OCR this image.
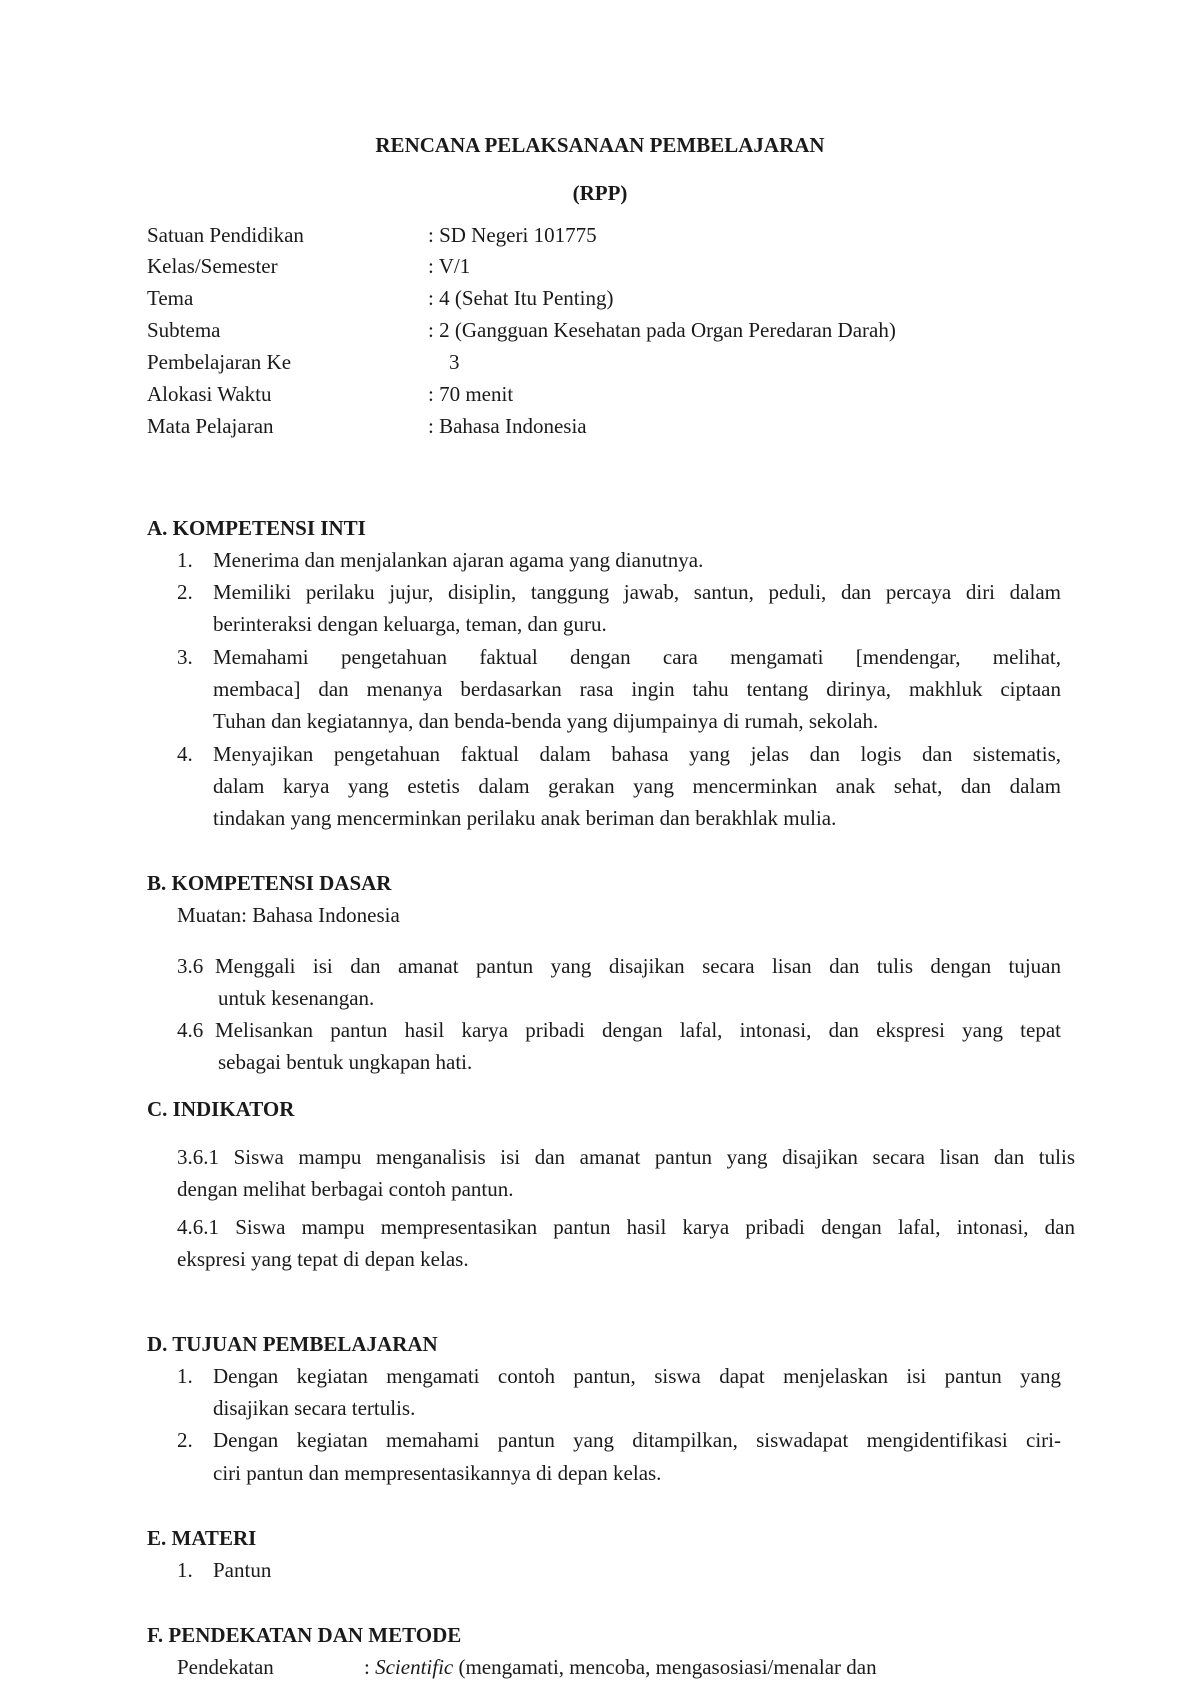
RENCANA PELAKSANAAN PEMBELAJARAN
(RPP)
Satuan Pendidikan	: SD Negeri 101775
Kelas/Semester	: V/1
Tema	: 4 (Sehat Itu Penting)
Subtema	: 2 (Gangguan Kesehatan pada Organ Peredaran Darah)
Pembelajaran Ke	3
Alokasi Waktu	: 70 menit
Mata Pelajaran	: Bahasa Indonesia
A. KOMPETENSI INTI
1. Menerima dan menjalankan ajaran agama yang dianutnya.
2. Memiliki perilaku jujur, disiplin, tanggung jawab, santun, peduli, dan percaya diri dalam
berinteraksi dengan keluarga, teman, dan guru.
3. Memahami pengetahuan faktual dengan cara mengamati [mendengar, melihat,
membaca] dan menanya berdasarkan rasa ingin tahu tentang dirinya, makhluk ciptaan
Tuhan dan kegiatannya, dan benda-benda yang dijumpainya di rumah, sekolah.
4. Menyajikan pengetahuan faktual dalam bahasa yang jelas dan logis dan sistematis,
dalam karya yang estetis dalam gerakan yang mencerminkan anak sehat, dan dalam
tindakan yang mencerminkan perilaku anak beriman dan berakhlak mulia.
B. KOMPETENSI DASAR
Muatan: Bahasa Indonesia
3.6 Menggali isi dan amanat pantun yang disajikan secara lisan dan tulis dengan tujuan
untuk kesenangan.
4.6 Melisankan pantun hasil karya pribadi dengan lafal, intonasi, dan ekspresi yang tepat
sebagai bentuk ungkapan hati.
C. INDIKATOR
3.6.1 Siswa mampu menganalisis isi dan amanat pantun yang disajikan secara lisan dan tulis
dengan melihat berbagai contoh pantun.
4.6.1 Siswa mampu mempresentasikan pantun hasil karya pribadi dengan lafal, intonasi, dan
ekspresi yang tepat di depan kelas.
D. TUJUAN PEMBELAJARAN
1. Dengan kegiatan mengamati contoh pantun, siswa dapat menjelaskan isi pantun yang
disajikan secara tertulis.
2. Dengan kegiatan memahami pantun yang ditampilkan, siswadapat mengidentifikasi ciri-
ciri pantun dan mempresentasikannya di depan kelas.
E. MATERI
1. Pantun
F. PENDEKATAN DAN METODE
Pendekatan	: Scientific (mengamati, mencoba, mengasosiasi/menalar dan
